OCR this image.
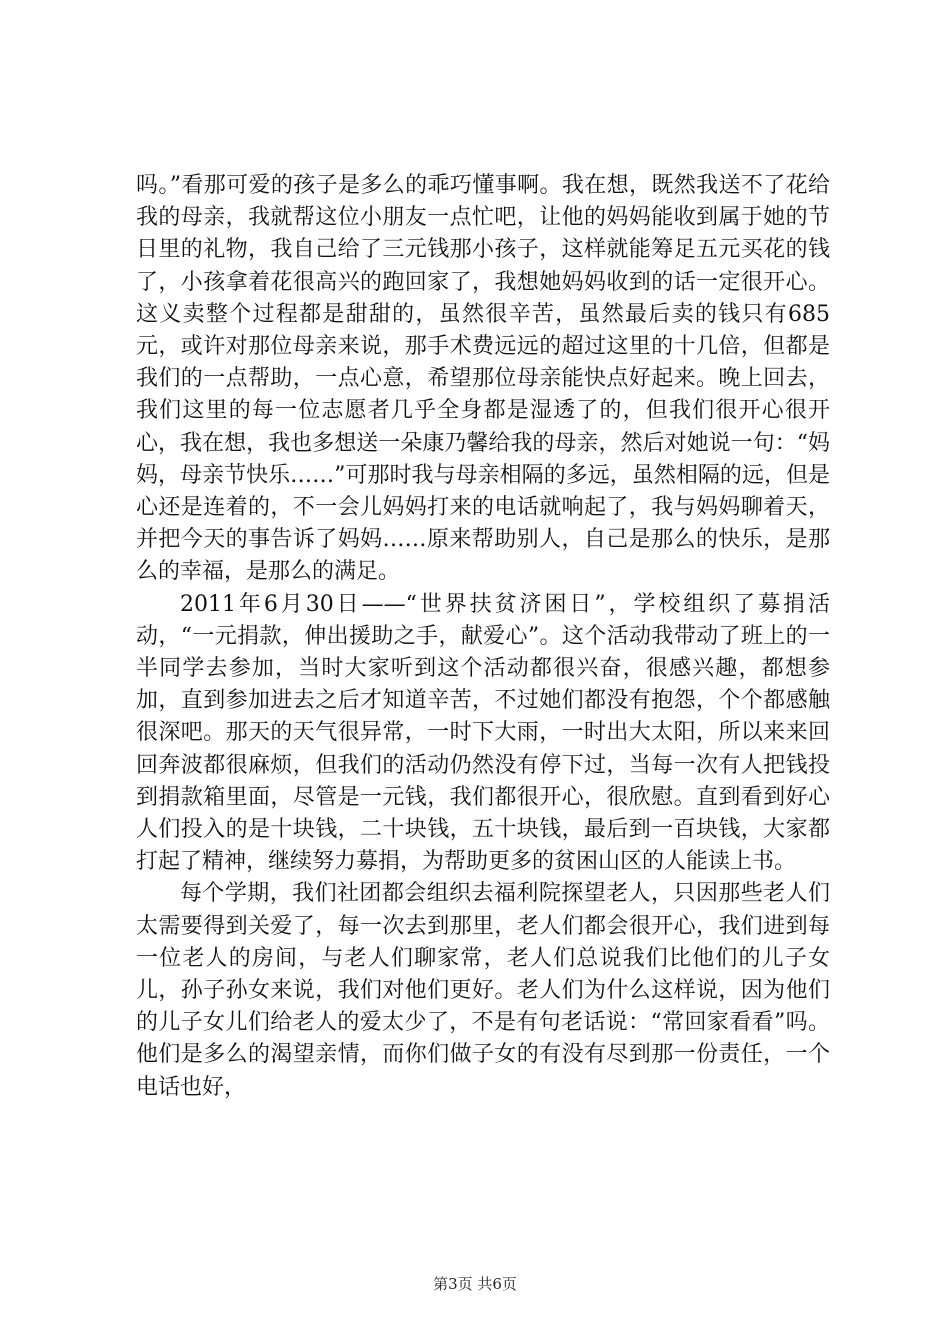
吗。”看那可爱的孩子是多么的乖巧懂事啊。我在想，既然我送不了花给我的母亲，我就帮这位小朋友一点忙吧，让他的妈妈能收到属于她的节日里的礼物，我自己给了三元钱那小孩子，这样就能筹足五元买花的钱了，小孩拿着花很高兴的跑回家了，我想她妈妈收到的话一定很开心。这义卖整个过程都是甜甜的，虽然很辛苦，虽然最后卖的钱只有685元，或许对那位母亲来说，那手术费远远的超过这里的十几倍，但都是我们的一点帮助，一点心意，希望那位母亲能快点好起来。晚上回去，我们这里的每一位志愿者几乎全身都是湿透了的，但我们很开心很开心，我在想，我也多想送一朵康乃馨给我的母亲，然后对她说一句：“妈妈，母亲节快乐……”可那时我与母亲相隔的多远，虽然相隔的远，但是心还是连着的，不一会儿妈妈打来的电话就响起了，我与妈妈聊着天，并把今天的事告诉了妈妈……原来帮助别人，自己是那么的快乐，是那么的幸福，是那么的满足。

2011年6月30日——“世界扶贫济困日”，学校组织了募捐活动，“一元捐款，伸出援助之手，献爱心”。这个活动我带动了班上的一半同学去参加，当时大家听到这个活动都很兴奋，很感兴趣，都想参加，直到参加进去之后才知道辛苦，不过她们都没有抱怨，个个都感触很深吧。那天的天气很异常，一时下大雨，一时出大太阳，所以来来回回奔波都很麻烦，但我们的活动仍然没有停下过，当每一次有人把钱投到捐款箱里面，尽管是一元钱，我们都很开心，很欣慰。直到看到好心人们投入的是十块钱，二十块钱，五十块钱，最后到一百块钱，大家都打起了精神，继续努力募捐，为帮助更多的贫困山区的人能读上书。

每个学期，我们社团都会组织去福利院探望老人，只因那些老人们太需要得到关爱了，每一次去到那里，老人们都会很开心，我们进到每一位老人的房间，与老人们聊家常，老人们总说我们比他们的儿子女儿，孙子孙女来说，我们对他们更好。老人们为什么这样说，因为他们的儿子女儿们给老人的爱太少了，不是有句老话说：“常回家看看”吗。他们是多么的渴望亲情，而你们做子女的有没有尽到那一份责任，一个电话也好，

第3页 共6页
